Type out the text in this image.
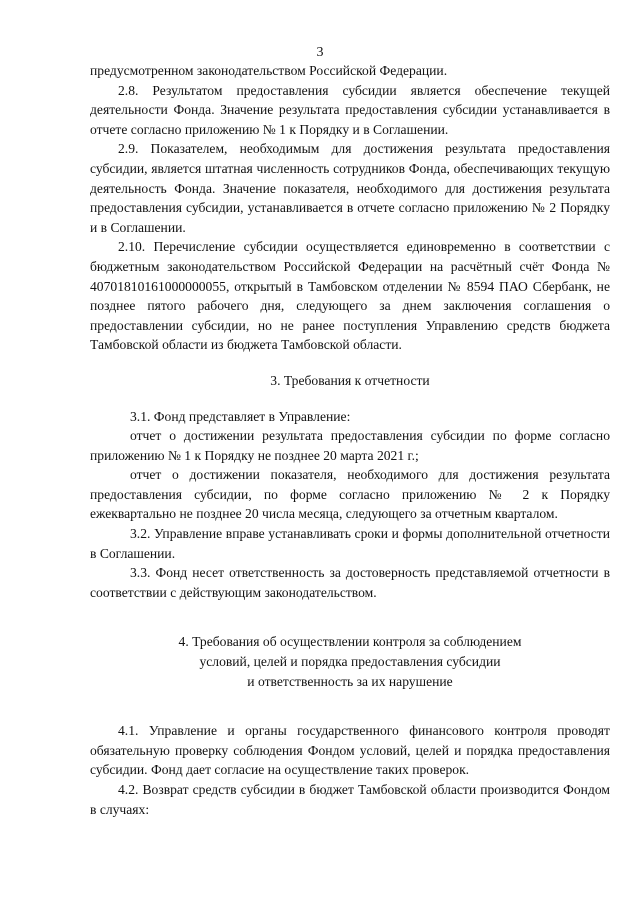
3

предусмотренном законодательством Российской Федерации.

2.8. Результатом предоставления субсидии является обеспечение текущей деятельности Фонда. Значение результата предоставления субсидии устанавливается в отчете согласно приложению № 1 к Порядку и в Соглашении.

2.9. Показателем, необходимым для достижения результата предоставления субсидии, является штатная численность сотрудников Фонда, обеспечивающих текущую деятельность Фонда. Значение показателя, необходимого для достижения результата предоставления субсидии, устанавливается в отчете согласно приложению № 2 Порядку и в Соглашении.

2.10. Перечисление субсидии осуществляется единовременно в соответствии с бюджетным законодательством Российской Федерации на расчётный счёт Фонда № 40701810161000000055, открытый в Тамбовском отделении № 8594 ПАО Сбербанк, не позднее пятого рабочего дня, следующего за днем заключения соглашения о предоставлении субсидии, но не ранее поступления Управлению средств бюджета Тамбовской области из бюджета Тамбовской области.

3. Требования к отчетности

3.1. Фонд представляет в Управление:

отчет о достижении результата предоставления субсидии по форме согласно приложению № 1 к Порядку не позднее 20 марта 2021 г.;

отчет о достижении показателя, необходимого для достижения результата предоставления субсидии, по форме согласно приложению № 2 к Порядку ежеквартально не позднее 20 числа месяца, следующего за отчетным кварталом.

3.2. Управление вправе устанавливать сроки и формы дополнительной отчетности в Соглашении.

3.3. Фонд несет ответственность за достоверность представляемой отчетности в соответствии с действующим законодательством.

4. Требования об осуществлении контроля за соблюдением

условий, целей и порядка предоставления субсидии

и ответственность за их нарушение

4.1. Управление и органы государственного финансового контроля проводят обязательную проверку соблюдения Фондом условий, целей и порядка предоставления субсидии. Фонд дает согласие на осуществление таких проверок.

4.2. Возврат средств субсидии в бюджет Тамбовской области производится Фондом в случаях:
